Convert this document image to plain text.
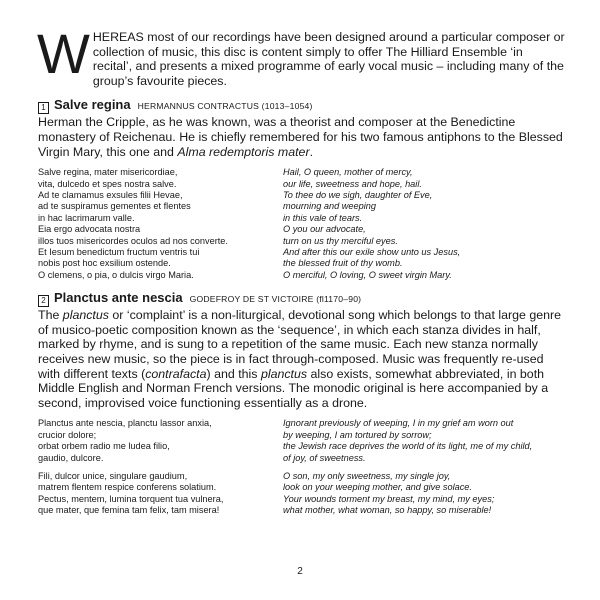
WHEREAS most of our recordings have been designed around a particular composer or collection of music, this disc is content simply to offer The Hilliard Ensemble ‘in recital’, and presents a mixed programme of early vocal music – including many of the group’s favourite pieces.

1 Salve regina HERMANNUS CONTRACTUS (1013–1054)

Herman the Cripple, as he was known, was a theorist and composer at the Benedictine monastery of Reichenau. He is chiefly remembered for his two famous antiphons to the Blessed Virgin Mary, this one and Alma redemptoris mater.

Salve regina, mater misericordiae,
vita, dulcedo et spes nostra salve.
Ad te clamamus exsules filii Hevae,
ad te suspiramus gementes et flentes
in hac lacrimarum valle.
Eia ergo advocata nostra
illos tuos misericordes oculos ad nos converte.
Et Iesum benedictum fructum ventris tui
nobis post hoc exsilium ostende.
O clemens, o pia, o dulcis virgo Maria.
Hail, O queen, mother of mercy,
our life, sweetness and hope, hail.
To thee do we sigh, daughter of Eve,
mourning and weeping
in this vale of tears.
O you our advocate,
turn on us thy merciful eyes.
And after this our exile show unto us Jesus,
the blessed fruit of thy womb.
O merciful, O loving, O sweet virgin Mary.
2 Planctus ante nescia GODEFROY DE ST VICTOIRE (fl1170–90)

The planctus or ‘complaint’ is a non-liturgical, devotional song which belongs to that large genre of musico-poetic composition known as the ‘sequence’, in which each stanza divides in half, marked by rhyme, and is sung to a repetition of the same music. Each new stanza normally receives new music, so the piece is in fact through-composed. Music was frequently re-used with different texts (contrafacta) and this planctus also exists, somewhat abbreviated, in both Middle English and Norman French versions. The monodic original is here accompanied by a second, improvised voice functioning essentially as a drone.

Planctus ante nescia, planctu lassor anxia,
crucior dolore;
orbat orbem radio me ludea filio,
gaudio, dulcore.
Fili, dulcor unice, singulare gaudium,
matrem flentem respice conferens solatium.
Pectus, mentem, lumina torquent tua vulnera,
que mater, que femina tam felix, tam misera!
Ignorant previously of weeping, I in my grief am worn out
by weeping, I am tortured by sorrow;
the Jewish race deprives the world of its light, me of my child,
of joy, of sweetness.
O son, my only sweetness, my single joy,
look on your weeping mother, and give solace.
Your wounds torment my breast, my mind, my eyes;
what mother, what woman, so happy, so miserable!
2
